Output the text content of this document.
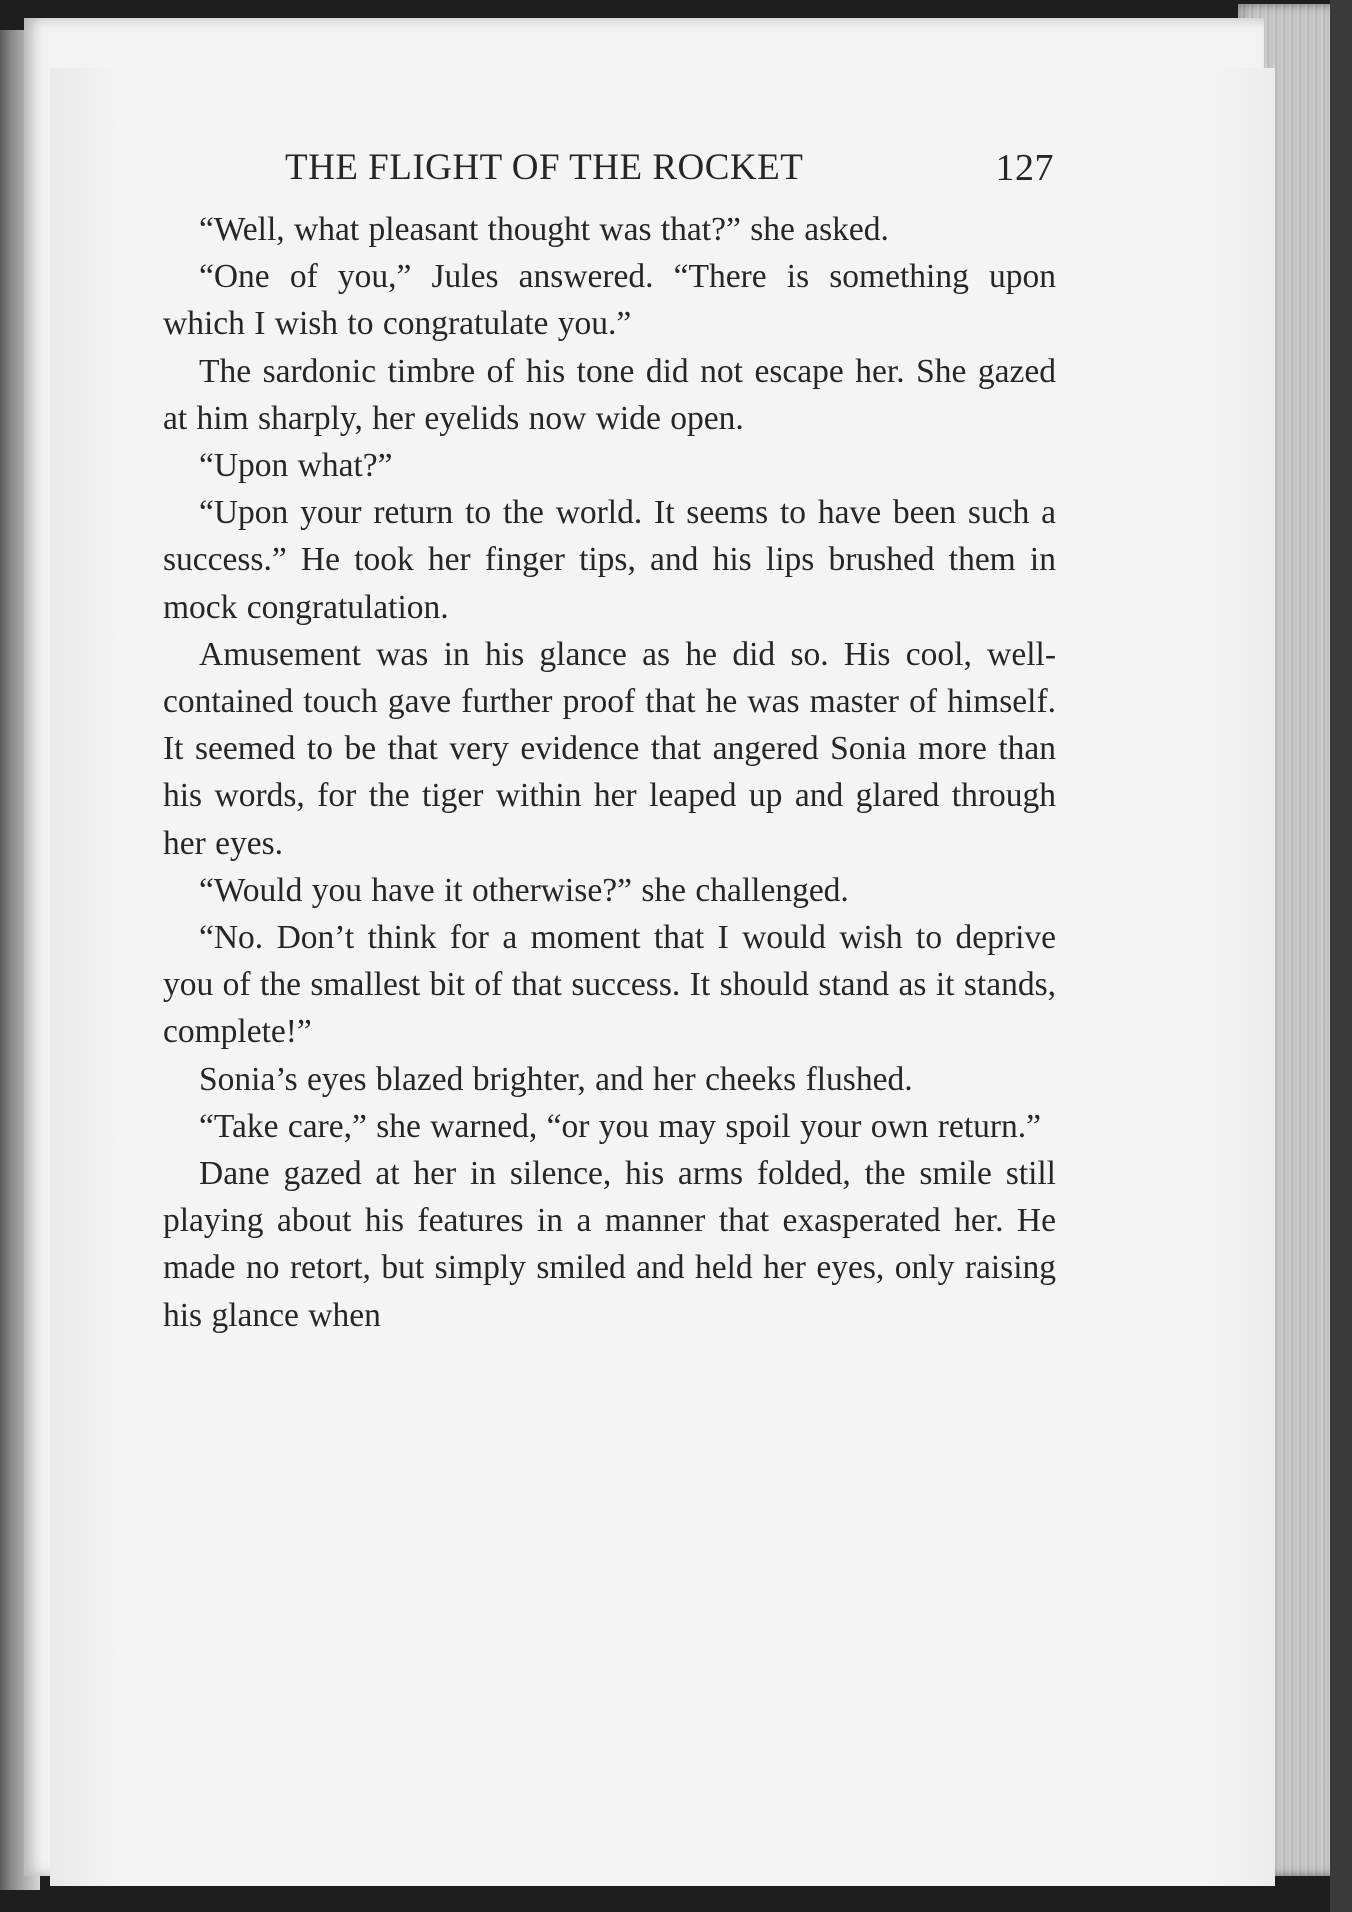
THE FLIGHT OF THE ROCKET	127

“Well, what pleasant thought was that?” she asked.

“One of you,” Jules answered. “There is something upon which I wish to congratulate you.”

The sardonic timbre of his tone did not escape her. She gazed at him sharply, her eyelids now wide open.

“Upon what?”

“Upon your return to the world. It seems to have been such a success.” He took her finger tips, and his lips brushed them in mock congratulation.

Amusement was in his glance as he did so. His cool, well-contained touch gave further proof that he was master of himself. It seemed to be that very evidence that angered Sonia more than his words, for the tiger within her leaped up and glared through her eyes.

“Would you have it otherwise?” she challenged.

“No. Don’t think for a moment that I would wish to deprive you of the smallest bit of that success. It should stand as it stands, complete!”

Sonia’s eyes blazed brighter, and her cheeks flushed.

“Take care,” she warned, “or you may spoil your own return.”

Dane gazed at her in silence, his arms folded, the smile still playing about his features in a manner that exasperated her. He made no retort, but simply smiled and held her eyes, only raising his glance when
